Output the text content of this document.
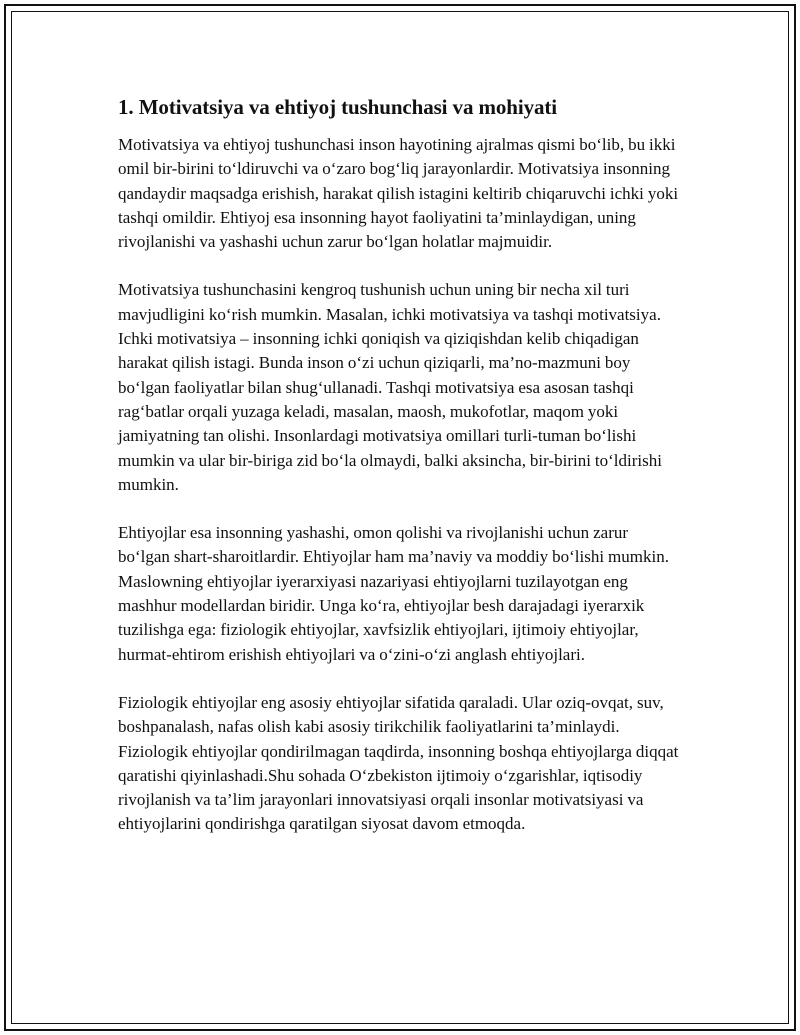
1. Motivatsiya va ehtiyoj tushunchasi va mohiyati

Motivatsiya va ehtiyoj tushunchasi inson hayotining ajralmas qismi bo‘lib, bu ikki omil bir-birini to‘ldiruvchi va o‘zaro bog‘liq jarayonlardir. Motivatsiya insonning qandaydir maqsadga erishish, harakat qilish istagini keltirib chiqaruvchi ichki yoki tashqi omildir. Ehtiyoj esa insonning hayot faoliyatini ta’minlaydigan, uning rivojlanishi va yashashi uchun zarur bo‘lgan holatlar majmuidir.

Motivatsiya tushunchasini kengroq tushunish uchun uning bir necha xil turi mavjudligini ko‘rish mumkin. Masalan, ichki motivatsiya va tashqi motivatsiya. Ichki motivatsiya – insonning ichki qoniqish va qiziqishdan kelib chiqadigan harakat qilish istagi. Bunda inson o‘zi uchun qiziqarli, ma’no-mazmuni boy bo‘lgan faoliyatlar bilan shug‘ullanadi. Tashqi motivatsiya esa asosan tashqi rag‘batlar orqali yuzaga keladi, masalan, maosh, mukofotlar, maqom yoki jamiyatning tan olishi. Insonlardagi motivatsiya omillari turli-tuman bo‘lishi mumkin va ular bir-biriga zid bo‘la olmaydi, balki aksincha, bir-birini to‘ldirishi mumkin.

Ehtiyojlar esa insonning yashashi, omon qolishi va rivojlanishi uchun zarur bo‘lgan shart-sharoitlardir. Ehtiyojlar ham ma’naviy va moddiy bo‘lishi mumkin. Maslowning ehtiyojlar iyerarxiyasi nazariyasi ehtiyojlarni tuzilayotgan eng mashhur modellardan biridir. Unga ko‘ra, ehtiyojlar besh darajadagi iyerarxik tuzilishga ega: fiziologik ehtiyojlar, xavfsizlik ehtiyojlari, ijtimoiy ehtiyojlar, hurmat-ehtirom erishish ehtiyojlari va o‘zini-o‘zi anglash ehtiyojlari.

Fiziologik ehtiyojlar eng asosiy ehtiyojlar sifatida qaraladi. Ular oziq-ovqat, suv, boshpanalash, nafas olish kabi asosiy tirikchilik faoliyatlarini ta’minlaydi. Fiziologik ehtiyojlar qondirilmagan taqdirda, insonning boshqa ehtiyojlarga diqqat qaratishi qiyinlashadi.Shu sohada O‘zbekiston ijtimoiy o‘zgarishlar, iqtisodiy rivojlanish va ta’lim jarayonlari innovatsiyasi orqali insonlar motivatsiyasi va ehtiyojlarini qondirishga qaratilgan siyosat davom etmoqda.
